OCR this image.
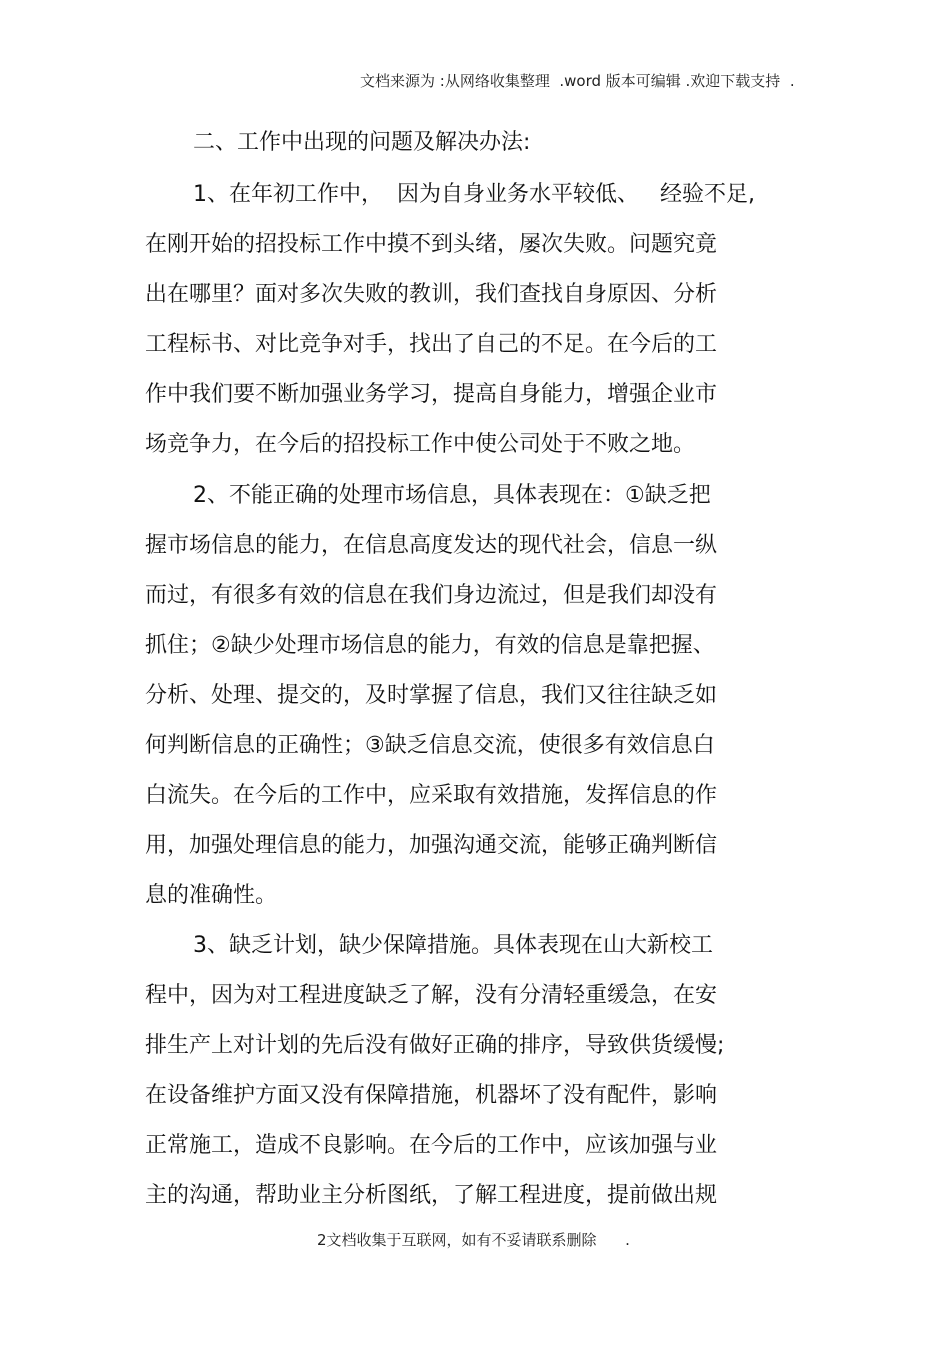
文档来源为 :从网络收集整理  .word 版本可编辑 .欢迎下载支持  .
二、工作中出现的问题及解决办法:
1、在年初工作中，  因为自身业务水平较低、   经验不足,
在刚开始的招投标工作中摸不到头绪，屡次失败。问题究竟
出在哪里？面对多次失败的教训，我们查找自身原因、分析
工程标书、对比竞争对手，找出了自己的不足。在今后的工
作中我们要不断加强业务学习，提高自身能力，增强企业市
场竞争力，在今后的招投标工作中使公司处于不败之地。
2、不能正确的处理市场信息，具体表现在：①缺乏把
握市场信息的能力，在信息高度发达的现代社会，信息一纵
而过，有很多有效的信息在我们身边流过，但是我们却没有
抓住；②缺少处理市场信息的能力，有效的信息是靠把握、
分析、处理、提交的，及时掌握了信息，我们又往往缺乏如
何判断信息的正确性；③缺乏信息交流，使很多有效信息白
白流失。在今后的工作中，应采取有效措施，发挥信息的作
用，加强处理信息的能力，加强沟通交流，能够正确判断信
息的准确性。
3、缺乏计划，缺少保障措施。具体表现在山大新校工
程中，因为对工程进度缺乏了解，没有分清轻重缓急，在安
排生产上对计划的先后没有做好正确的排序，导致供货缓慢;
在设备维护方面又没有保障措施，机器坏了没有配件，影响
正常施工，造成不良影响。在今后的工作中，应该加强与业
主的沟通，帮助业主分析图纸，了解工程进度，提前做出规
2文档收集于互联网，如有不妥请联系删除      .
